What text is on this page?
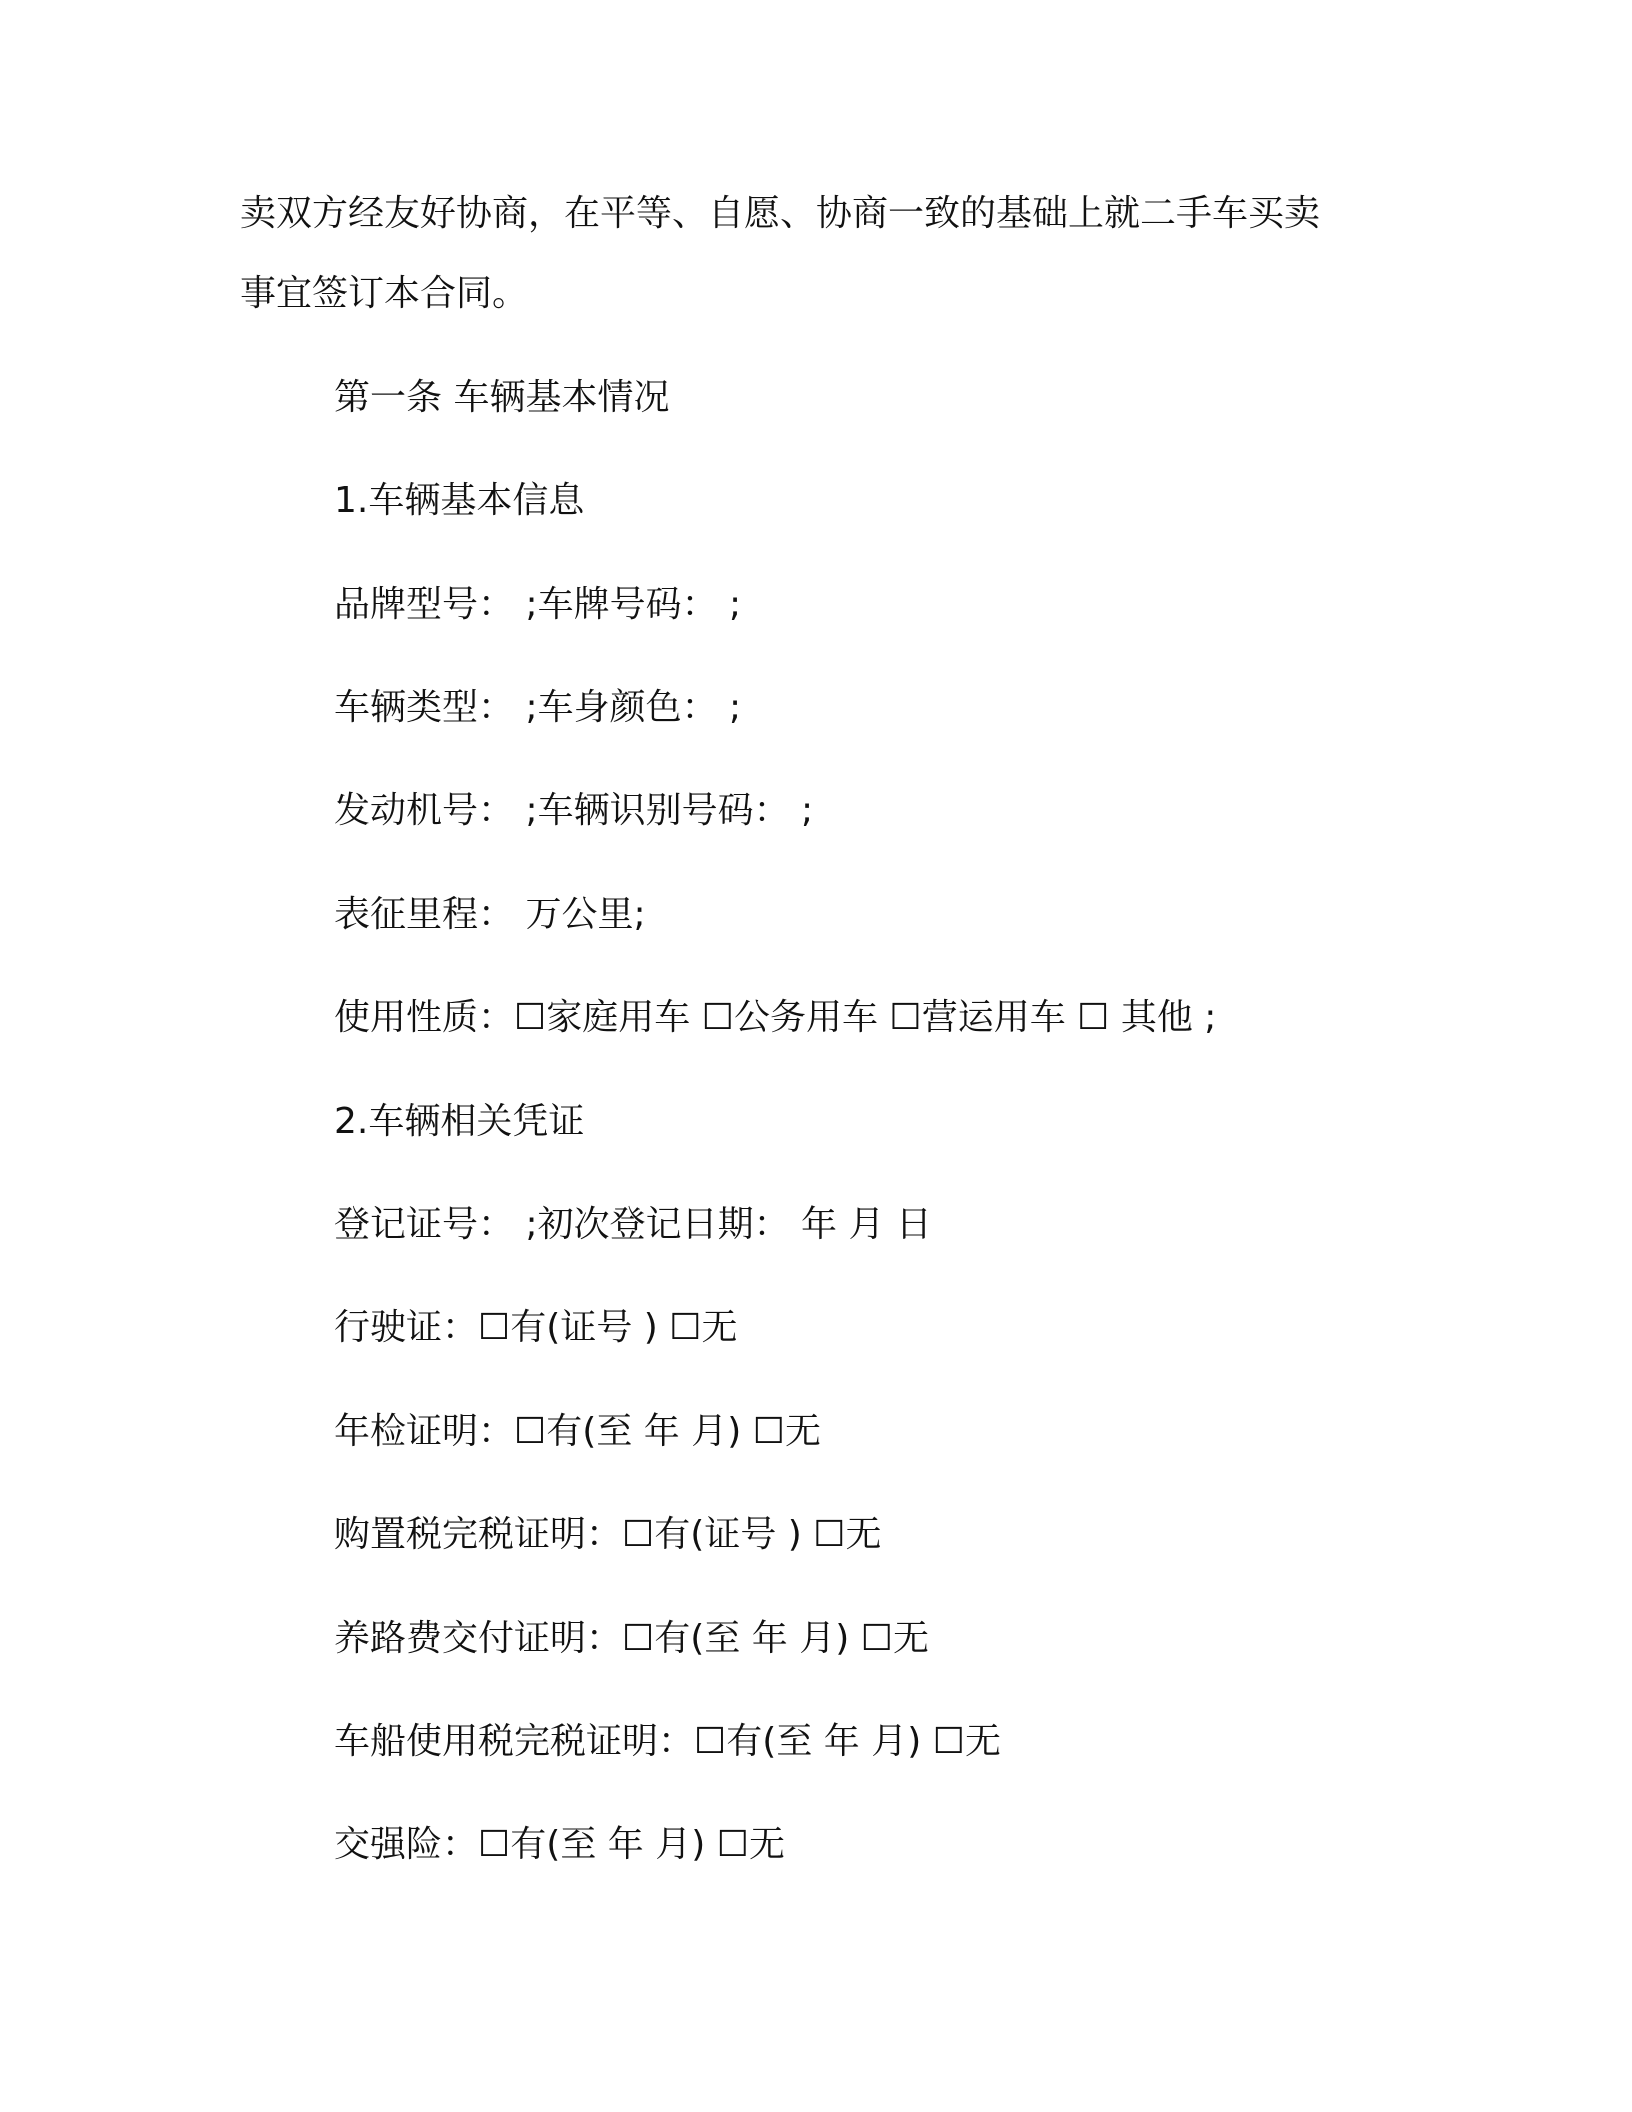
卖双方经友好协商，在平等、自愿、协商一致的基础上就二手车买卖

事宜签订本合同。

第一条 车辆基本情况

1.车辆基本信息

品牌型号： ;车牌号码： ;

车辆类型： ;车身颜色： ;

发动机号： ;车辆识别号码： ;

表征里程： 万公里;

使用性质：☐家庭用车 ☐公务用车 ☐营运用车 ☐ 其他 ;

2.车辆相关凭证

登记证号： ;初次登记日期： 年 月 日

行驶证：☐有(证号 ) ☐无

年检证明：☐有(至 年 月) ☐无

购置税完税证明：☐有(证号 ) ☐无

养路费交付证明：☐有(至 年 月) ☐无

车船使用税完税证明：☐有(至 年 月) ☐无

交强险：☐有(至 年 月) ☐无
